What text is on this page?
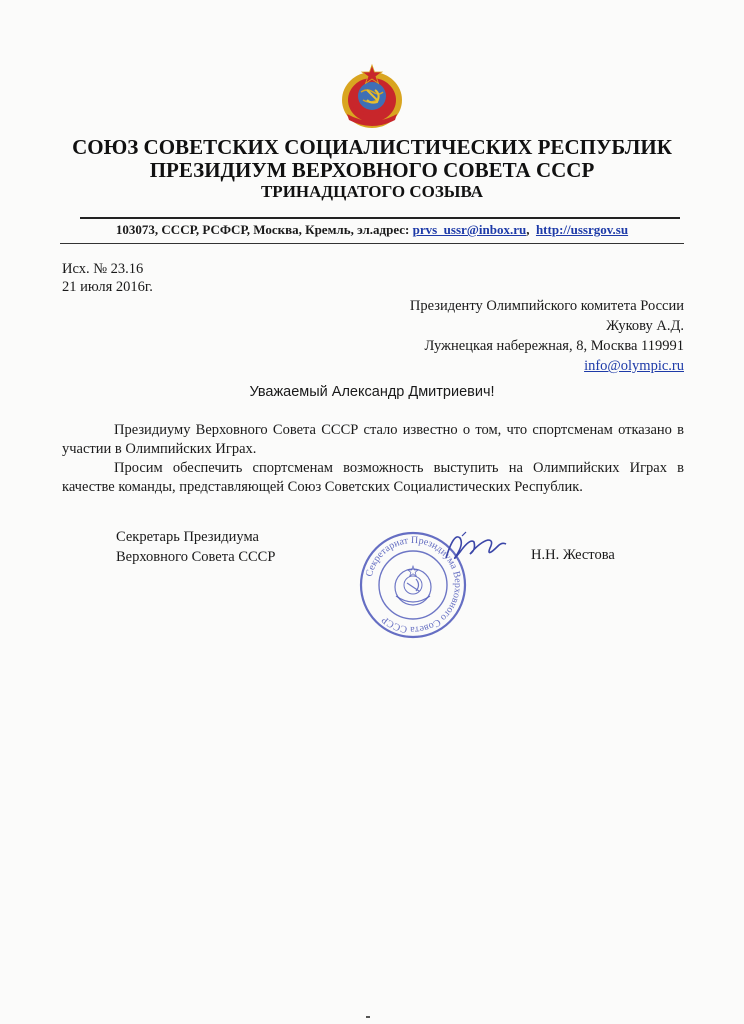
СОЮЗ СОВЕТСКИХ СОЦИАЛИСТИЧЕСКИХ РЕСПУБЛИК
ПРЕЗИДИУМ ВЕРХОВНОГО СОВЕТА СССР
ТРИНАДЦАТОГО СОЗЫВА
103073, СССР, РСФСР, Москва, Кремль, эл.адрес: prvs_ussr@inbox.ru, http://ussrgov.su
Исх. № 23.16
21 июля 2016г.
Президенту Олимпийского комитета России
Жукову А.Д.
Лужнецкая набережная, 8, Москва 119991
info@olympic.ru
Уважаемый Александр Дмитриевич!

Президиуму Верховного Совета СССР стало известно о том, что спортсменам отказано в участии в Олимпийских Играх.

Просим обеспечить спортсменам возможность выступить на Олимпийских Играх в качестве команды, представляющей Союз Советских Социалистических Республик.

Секретарь Президиума
Верховного Совета СССР
Секретариат Президиума Верховного Совета СССР
Н.Н. Жестова
